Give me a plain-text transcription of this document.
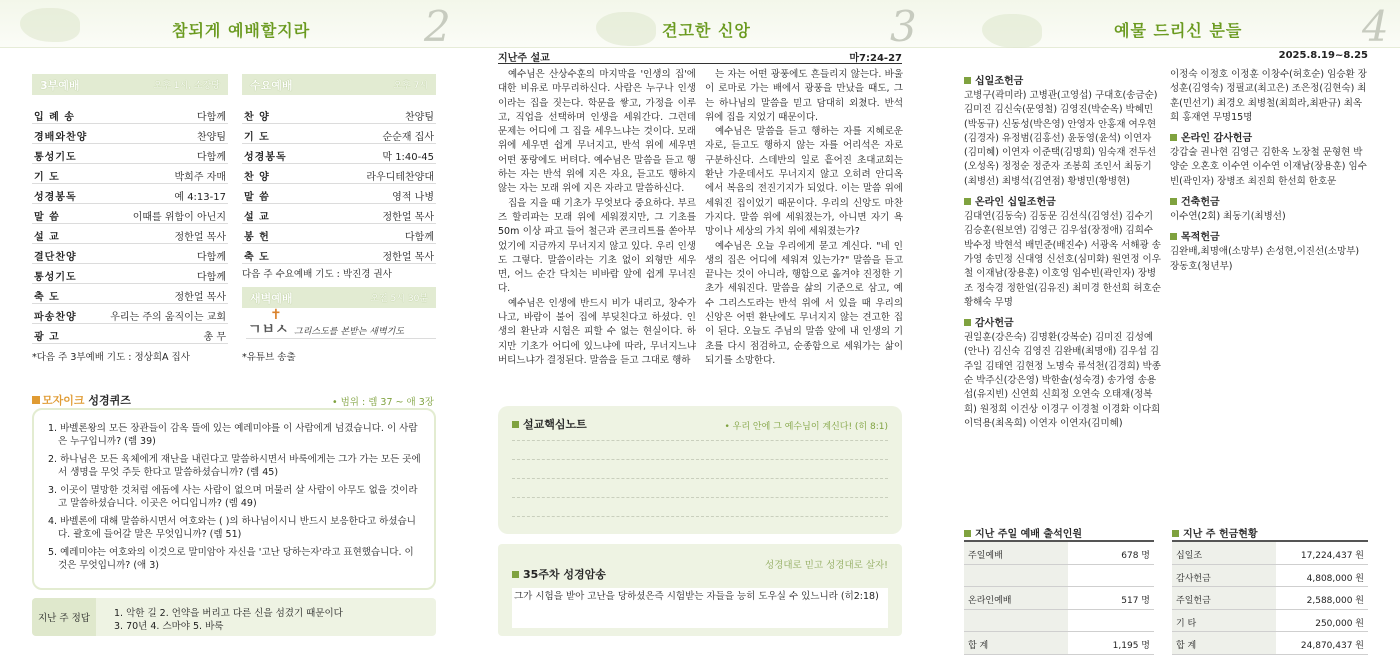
참되게 예배할지라	2
3부예배	오후 1시, 소강당
입 례 송	다함께
경배와찬양	찬양팀
통성기도	다함께
기 도	박희주 자매
성경봉독	예 4:13-17
말 씀	이때를 위함이 아닌지
설 교	정한얼 목사
결단찬양	다함께
통성기도	다함께
축 도	정한얼 목사
파송찬양	우리는 주의 움직이는 교회
광 고	총 무
*다음 주 3부예배 기도 : 정상희A 집사
수요예배	오후 7시
찬 양	찬양팀
기 도	순순재 집사
성경봉독	막 1:40-45
찬 양	라우디테찬양대
말 씀	영적 나병
설 교	정한얼 목사
봉 헌	다함께
축 도	정한얼 목사
다음 주 수요예배 기도 : 박진경 권사
새벽예배	오전 5시 30분
ㄱㅂㅅ
✝
그리스도를 본받는 새벽기도
*유튜브 송출
모자이크 성경퀴즈	• 범위 : 렘 37 ~ 애 3장
1. 바벨론왕의 모든 장관들이 감옥 뜰에 있는 예레미야를 이 사람에게 넘겼습니다. 이 사람은 누구입니까? (렘 39)
2. 하나님은 모든 육체에게 재난을 내린다고 말씀하시면서 바룩에게는 그가 가는 모든 곳에서 생명을 무엇 주듯 한다고 말씀하셨습니까? (렘 45)
3. 이곳이 멸망한 것처럼 에돔에 사는 사람이 없으며 머물러 살 사람이 아무도 없을 것이라고 말씀하셨습니다. 이곳은 어디입니까? (렘 49)
4. 바벨론에 대해 말씀하시면서 여호와는 ( )의 하나님이시니 반드시 보응한다고 하셨습니다. 괄호에 들어갈 말은 무엇입니까? (렘 51)
5. 예레미야는 여호와의 이것으로 말미암아 자신을 '고난 당하는자'라고 표현했습니다. 이것은 무엇입니까? (애 3)
지난 주 정답	1. 악한 길 2. 언약을 버리고 다른 신을 섬겼기 때문이다
3. 70년 4. 스마야 5. 바룩
견고한 신앙	3
지난주 설교	마7:24-27

예수님은 산상수훈의 마지막을 '인생의 집'에 대한 비유로 마무리하신다. 사람은 누구나 인생이라는 집을 짓는다. 학문을 쌓고, 가정을 이루고, 직업을 선택하며 인생을 세워간다. 그런데 문제는 어디에 그 집을 세우느냐는 것이다. 모래 위에 세우면 쉽게 무너지고, 반석 위에 세우면 어떤 풍랑에도 버텨다. 예수님은 말씀을 듣고 행하는 자는 반석 위에 지은 자요, 듣고도 행하지 않는 자는 모래 위에 지은 자라고 말씀하신다.

집을 지을 때 기초가 무엇보다 중요하다. 부르즈 할리파는 모래 위에 세워졌지만, 그 기초를 50m 이상 파고 들어 철근과 콘크리트를 쏟아부었기에 지금까지 무너지지 않고 있다. 우리 인생도 그렇다. 말씀이라는 기초 없이 외형만 세우면, 어느 순간 닥치는 비바람 앞에 쉽게 무너진다.

예수님은 인생에 반드시 비가 내리고, 창수가 나고, 바람이 불어 집에 부딪친다고 하셨다. 인생의 환난과 시험은 피할 수 없는 현실이다. 하지만 기초가 어디에 있느냐에 따라, 무너지느냐 버티느냐가 결정된다. 말씀을 듣고 그대로 행하

는 자는 어떤 광풍에도 흔들리지 않는다. 바울이 로마로 가는 배에서 광풍을 만났을 때도, 그는 하나님의 말씀을 믿고 담대히 외쳤다. 반석 위에 집을 지었기 때문이다.

예수님은 말씀을 듣고 행하는 자를 지혜로운 자로, 듣고도 행하지 않는 자를 어리석은 자로 구분하신다. 스데반의 일로 흩어진 초대교회는 환난 가운데서도 무너지지 않고 오히려 안디옥에서 복음의 전진기지가 되었다. 이는 말씀 위에 세워진 집이었기 때문이다. 우리의 신앙도 마찬가지다. 말씀 위에 세워졌는가, 아니면 자기 욕망이나 세상의 가치 위에 세워졌는가?

예수님은 오늘 우리에게 묻고 계신다. "네 인생의 집은 어디에 세워져 있는가?" 말씀을 듣고 끝나는 것이 아니라, 행함으로 옮겨야 진정한 기초가 세워진다. 말씀을 삶의 기준으로 삼고, 예수 그리스도라는 반석 위에 서 있을 때 우리의 신앙은 어떤 환난에도 무너지지 않는 견고한 집이 된다. 오늘도 주님의 말씀 앞에 내 인생의 기초를 다시 점검하고, 순종함으로 세워가는 삶이 되기를 소망한다.

설교핵심노트	• 우리 안에 그 예수님이 계신다! (히 8:1)
35주차 성경암송
성경대로 믿고 성경대로 살자!
그가 시험을 받아 고난을 당하셨은즉 시험받는 자들을 능히 도우실 수 있느니라 (히2:18)
예물 드리신 분들	4
2025.8.19~8.25
십일조헌금
고병구(곽미라) 고병관(고영섭) 구대호(송금순) 김미진 김신숙(문영철) 김영진(박순옥) 박혜민(박동규) 신동성(박은영) 안영자 안홍재 여우현(김경자) 유정범(김홍선) 윤동영(윤석) 이연자(김미혜) 이연자 이준택(김명희) 임숙재 전두선(오성옥) 정정순 정준자 조봉희 조인서 최동기(최병선) 최병석(김연점) 황병민(황병현)
온라인 십일조헌금
김대연(김동숙) 김동문 김선식(김영선) 김수기 김승훈(원보연) 김영근 김우섭(장정애) 김희수 박수정 박현석 배민준(배진수) 서광옥 서해광 송가영 송민정 신대영 신선호(심미화) 원연정 이우철 이재남(장용훈) 이호영 임수빈(곽인자) 장병조 정숙경 정한얼(김유진) 최미경 한선희 허호순 황해숙 무명
감사헌금
권일훈(강은숙) 김명환(강복순) 김미진 김성예(안나) 김신숙 김영진 김완배(최명애) 김우섭 김주일 김태연 김현정 노명숙 류석천(김경희) 박종순 박주신(강은영) 박한솔(성숙경) 송가영 송용섭(유지빈) 신연희 신희정 오연숙 오태재(정복희) 원정희 이건상 이경구 이경철 이경화 이다희 이덕용(최옥희) 이연자 이연자(김미혜)
이정숙 이정호 이정훈 이창수(허호순) 임승환 장성훈(김영숙) 정필교(최고은) 조은정(김현숙) 최 훈(민선기) 최경오 최병철(최희라,최판규) 최옥희 홍재연 무명15명
온라인 감사헌금
강갑술 권나현 김영근 김한옥 노장철 문형현 박양순 오혼호 이수연 이수연 이재남(장용훈) 임수빈(곽인자) 장병조 최진희 한선희 한호문
건축헌금
이수연(2회) 최동기(최병선)
목적헌금
김완배,최명애(소망부) 손성현,이진선(소망부) 장동호(청년부)
지난 주일 예배 출석인원
주일예배	678 명
온라인예배	517 명
합 계	1,195 명
지난 주 헌금현황
십일조	17,224,437 원
감사헌금	4,808,000 원
주일헌금	2,588,000 원
기 타	250,000 원
합 계	24,870,437 원
